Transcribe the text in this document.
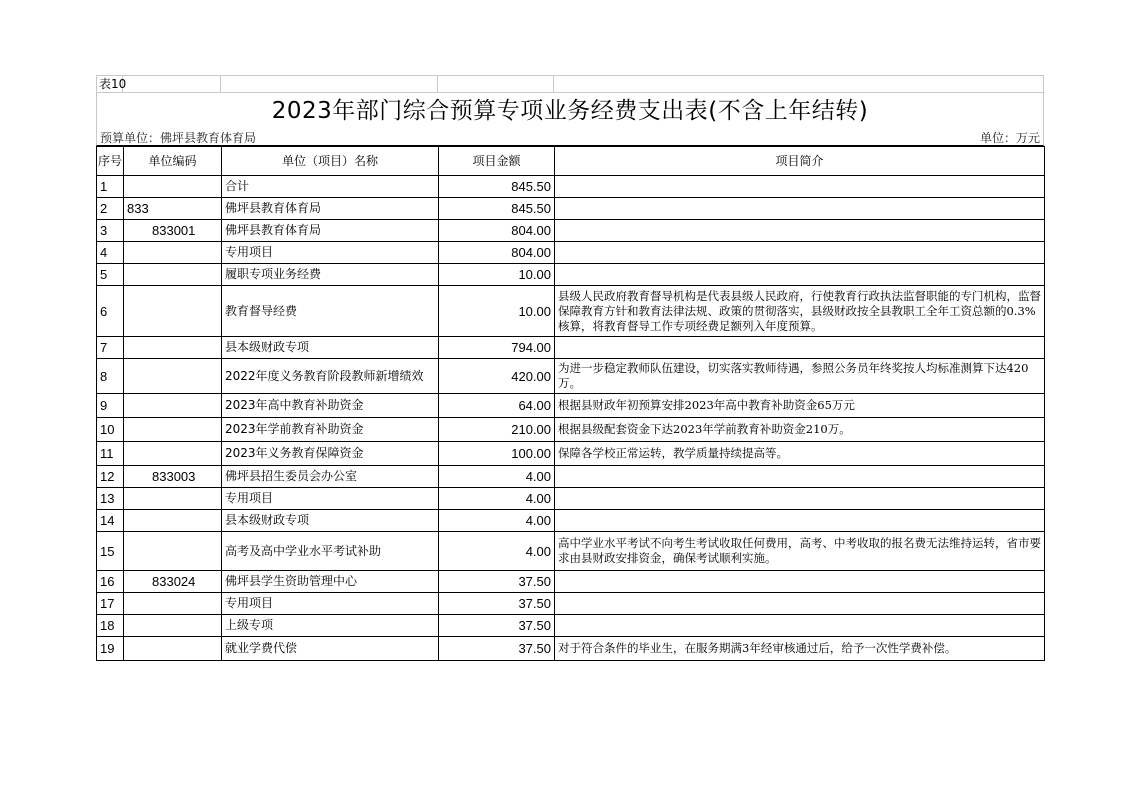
表10
2023年部门综合预算专项业务经费支出表(不含上年结转)
预算单位：佛坪县教育体育局	单位：万元
序号	单位编码	单位（项目）名称	项目金额	项目简介
1		合计	845.50	
2	833	佛坪县教育体育局	845.50	
3	833001	佛坪县教育体育局	804.00	
4		专用项目	804.00	
5		履职专项业务经费	10.00	
6		教育督导经费	10.00	县级人民政府教育督导机构是代表县级人民政府，行使教育行政执法监督职能的专门机构，监督保障教育方针和教育法律法规、政策的贯彻落实，县级财政按全县教职工全年工资总额的0.3%核算，将教育督导工作专项经费足额列入年度预算。
7		县本级财政专项	794.00	
8		2022年度义务教育阶段教师新增绩效	420.00	为进一步稳定教师队伍建设，切实落实教师待遇，参照公务员年终奖按人均标准测算下达420万。
9		2023年高中教育补助资金	64.00	根据县财政年初预算安排2023年高中教育补助资金65万元
10		2023年学前教育补助资金	210.00	根据县级配套资金下达2023年学前教育补助资金210万。
11		2023年义务教育保障资金	100.00	保障各学校正常运转，教学质量持续提高等。
12	833003	佛坪县招生委员会办公室	4.00	
13		专用项目	4.00	
14		县本级财政专项	4.00	
15		高考及高中学业水平考试补助	4.00	高中学业水平考试不向考生考试收取任何费用，高考、中考收取的报名费无法维持运转，省市要求由县财政安排资金，确保考试顺利实施。
16	833024	佛坪县学生资助管理中心	37.50	
17		专用项目	37.50	
18		上级专项	37.50	
19		就业学费代偿	37.50	对于符合条件的毕业生，在服务期满3年经审核通过后，给予一次性学费补偿。
